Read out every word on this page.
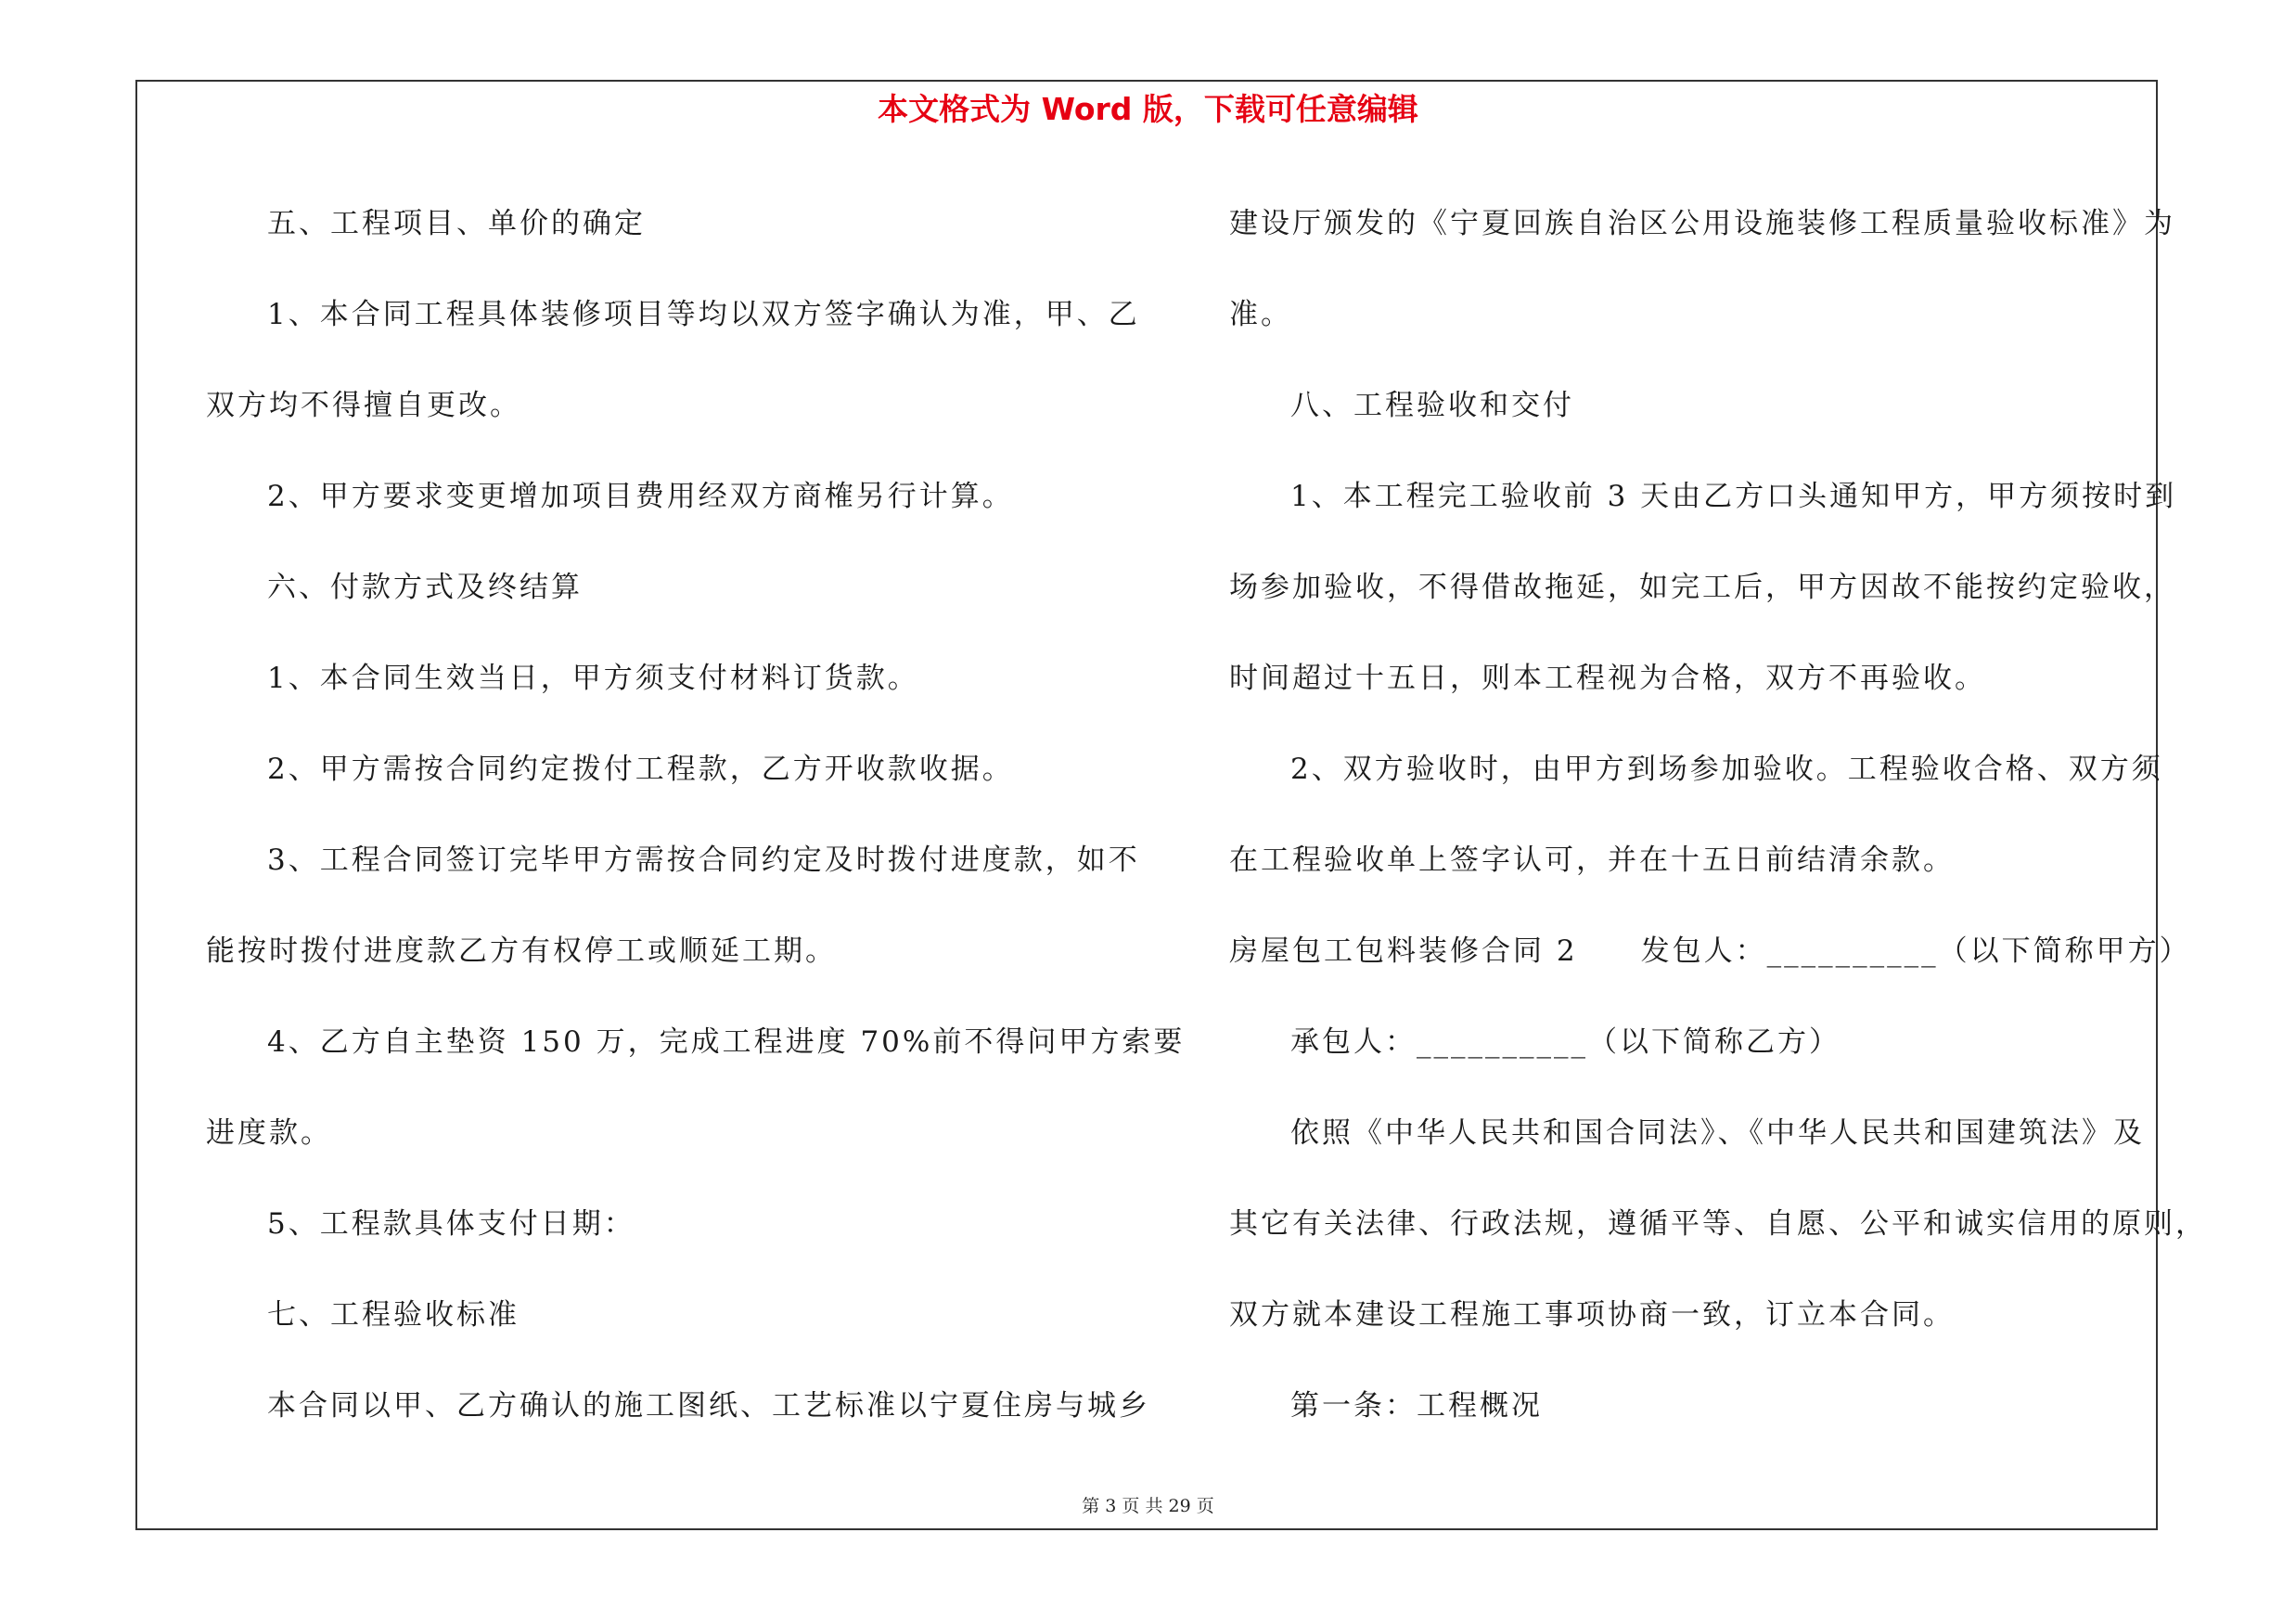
本文格式为 Word 版，下载可任意编辑
五、工程项目、单价的确定
1、本合同工程具体装修项目等均以双方签字确认为准，甲、乙
双方均不得擅自更改。
2、甲方要求变更增加项目费用经双方商榷另行计算。
六、付款方式及终结算
1、本合同生效当日，甲方须支付材料订货款。
2、甲方需按合同约定拨付工程款，乙方开收款收据。
3、工程合同签订完毕甲方需按合同约定及时拨付进度款，如不
能按时拨付进度款乙方有权停工或顺延工期。
4、乙方自主垫资 150 万，完成工程进度 70%前不得问甲方索要
进度款。
5、工程款具体支付日期：
七、工程验收标准
本合同以甲、乙方确认的施工图纸、工艺标准以宁夏住房与城乡
建设厅颁发的《宁夏回族自治区公用设施装修工程质量验收标准》为
准。
八、工程验收和交付
1、本工程完工验收前 3 天由乙方口头通知甲方，甲方须按时到
场参加验收，不得借故拖延，如完工后，甲方因故不能按约定验收，
时间超过十五日，则本工程视为合格，双方不再验收。
2、双方验收时，由甲方到场参加验收。工程验收合格、双方须
在工程验收单上签字认可，并在十五日前结清余款。
房屋包工包料装修合同 2　　发包人：__________（以下简称甲方）
承包人：__________（以下简称乙方）
依照《中华人民共和国合同法》、《中华人民共和国建筑法》及
其它有关法律、行政法规，遵循平等、自愿、公平和诚实信用的原则，
双方就本建设工程施工事项协商一致，订立本合同。
第一条：工程概况

第 3 页 共 29 页
